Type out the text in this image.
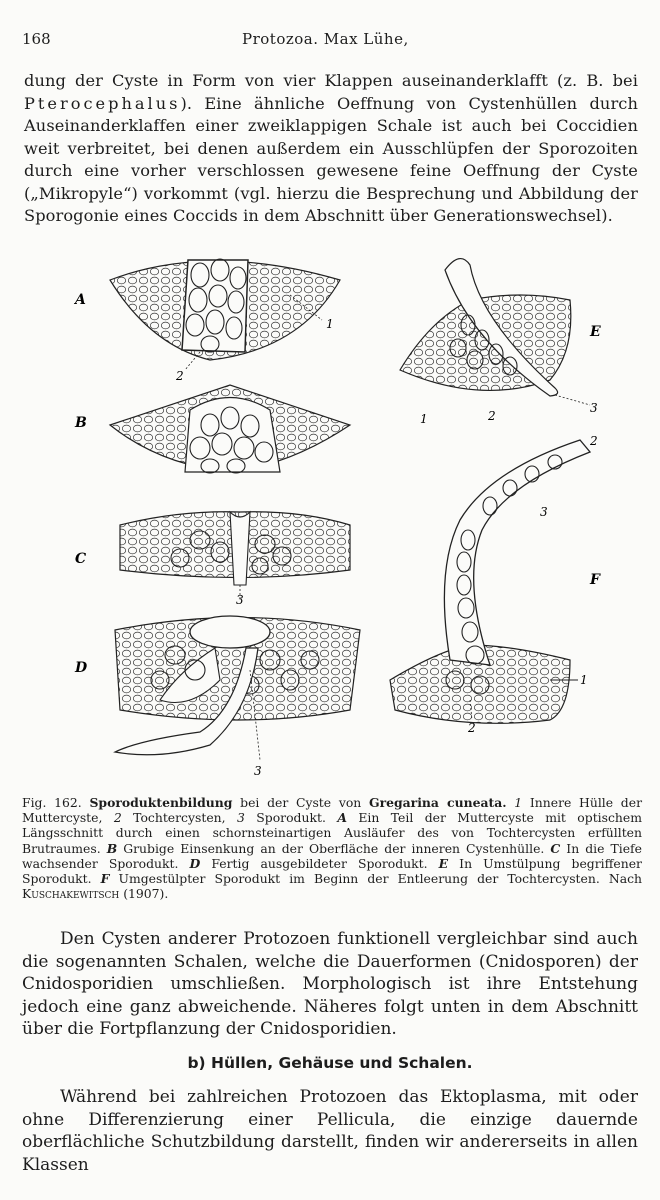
168	Protozoa. Max Lühe,
dung der Cyste in Form von vier Klappen auseinanderklafft (z. B. bei Pterocephalus). Eine ähnliche Oeffnung von Cystenhüllen durch Auseinanderklaffen einer zweiklappigen Schale ist auch bei Coccidien weit verbreitet, bei denen außerdem ein Ausschlüpfen der Sporozoiten durch eine vorher verschlossen gewesene feine Oeffnung der Cyste („Mikropyle“) vorkommt (vgl. hierzu die Besprechung und Abbildung der Sporogonie eines Coccids in dem Abschnitt über Generationswechsel).
A
B
C
D
E
F
1
2
3
3
1	2
3
2
3
1
2
Fig. 162. Sporoduktenbildung bei der Cyste von Gregarina cuneata. 1 Innere Hülle der Muttercyste, 2 Tochtercysten, 3 Sporodukt. A Ein Teil der Muttercyste mit optischem Längsschnitt durch einen schornsteinartigen Ausläufer des von Tochtercysten erfüllten Brutraumes. B Grubige Einsenkung an der Oberfläche der inneren Cystenhülle. C In die Tiefe wachsender Sporodukt. D Fertig ausgebildeter Sporodukt. E In Umstülpung begriffener Sporodukt. F Umgestülpter Sporodukt im Beginn der Entleerung der Tochtercysten. Nach Kuschakewitsch (1907).
Den Cysten anderer Protozoen funktionell vergleichbar sind auch die sogenannten Schalen, welche die Dauerformen (Cnidosporen) der Cnidosporidien umschließen. Morphologisch ist ihre Entstehung jedoch eine ganz abweichende. Näheres folgt unten in dem Abschnitt über die Fortpflanzung der Cnidosporidien.
b) Hüllen, Gehäuse und Schalen.
Während bei zahlreichen Protozoen das Ektoplasma, mit oder ohne Differenzierung einer Pellicula, die einzige dauernde oberflächliche Schutzbildung darstellt, finden wir andererseits in allen Klassen
